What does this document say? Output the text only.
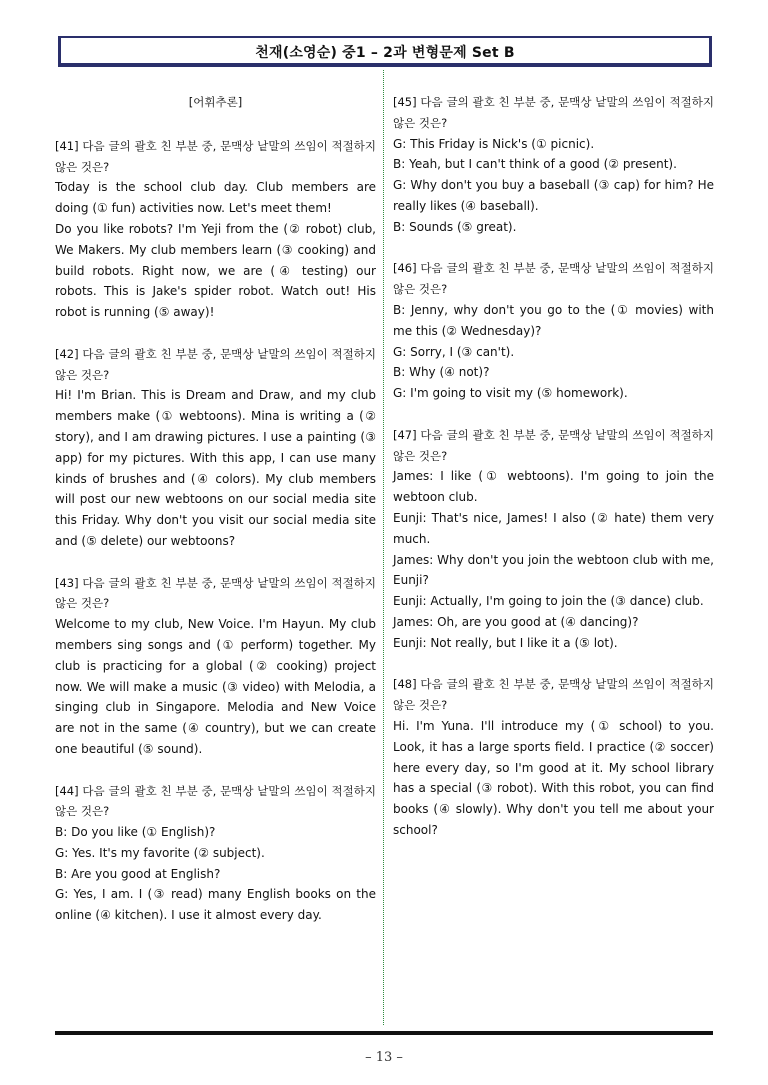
천재(소영순) 중1 – 2과 변형문제 Set B
[어휘추론]

[41] 다음 글의 괄호 친 부분 중, 문맥상 낱말의 쓰임이 적절하지 않은 것은?

Today is the school club day. Club members are doing (① fun) activities now. Let's meet them!

Do you like robots? I'm Yeji from the (② robot) club, We Makers. My club members learn (③ cooking) and build robots. Right now, we are (④ testing) our robots. This is Jake's spider robot. Watch out! His robot is running (⑤ away)!

[42] 다음 글의 괄호 친 부분 중, 문맥상 낱말의 쓰임이 적절하지 않은 것은?

Hi! I'm Brian. This is Dream and Draw, and my club members make (① webtoons). Mina is writing a (② story), and I am drawing pictures. I use a painting (③ app) for my pictures. With this app, I can use many kinds of brushes and (④ colors). My club members will post our new webtoons on our social media site this Friday. Why don't you visit our social media site and (⑤ delete) our webtoons?

[43] 다음 글의 괄호 친 부분 중, 문맥상 낱말의 쓰임이 적절하지 않은 것은?

Welcome to my club, New Voice. I'm Hayun. My club members sing songs and (① perform) together. My club is practicing for a global (② cooking) project now. We will make a music (③ video) with Melodia, a singing club in Singapore. Melodia and New Voice are not in the same (④ country), but we can create one beautiful (⑤ sound).

[44] 다음 글의 괄호 친 부분 중, 문맥상 낱말의 쓰임이 적절하지 않은 것은?

B: Do you like (① English)?

G: Yes. It's my favorite (② subject).

B: Are you good at English?

G: Yes, I am. I (③ read) many English books on the online (④ kitchen). I use it almost every day.

[45] 다음 글의 괄호 친 부분 중, 문맥상 낱말의 쓰임이 적절하지 않은 것은?

G: This Friday is Nick's (① picnic).

B: Yeah, but I can't think of a good (② present).

G: Why don't you buy a baseball (③ cap) for him? He really likes (④ baseball).

B: Sounds (⑤ great).

[46] 다음 글의 괄호 친 부분 중, 문맥상 낱말의 쓰임이 적절하지 않은 것은?

B: Jenny, why don't you go to the (① movies) with me this (② Wednesday)?

G: Sorry, I (③ can't).

B: Why (④ not)?

G: I'm going to visit my (⑤ homework).

[47] 다음 글의 괄호 친 부분 중, 문맥상 낱말의 쓰임이 적절하지 않은 것은?

James: I like (① webtoons). I'm going to join the webtoon club.

Eunji: That's nice, James! I also (② hate) them very much.

James: Why don't you join the webtoon club with me, Eunji?

Eunji: Actually, I'm going to join the (③ dance) club.

James: Oh, are you good at (④ dancing)?

Eunji: Not really, but I like it a (⑤ lot).

[48] 다음 글의 괄호 친 부분 중, 문맥상 낱말의 쓰임이 적절하지 않은 것은?

Hi. I'm Yuna. I'll introduce my (① school) to you. Look, it has a large sports field. I practice (② soccer) here every day, so I'm good at it. My school library has a special (③ robot). With this robot, you can find books (④ slowly). Why don't you tell me about your school?

– 13 –
